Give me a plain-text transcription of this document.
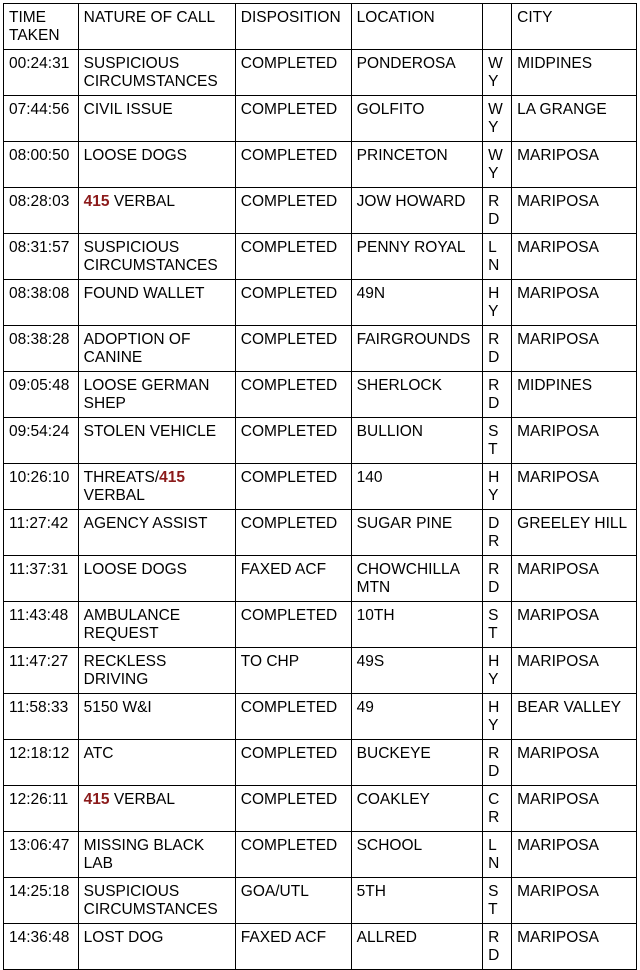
TIME TAKEN	NATURE OF CALL	DISPOSITION	LOCATION		CITY
00:24:31	SUSPICIOUS CIRCUMSTANCES	COMPLETED	PONDEROSA	WY	MIDPINES
07:44:56	CIVIL ISSUE	COMPLETED	GOLFITO	WY	LA GRANGE
08:00:50	LOOSE DOGS	COMPLETED	PRINCETON	WY	MARIPOSA
08:28:03	415 VERBAL	COMPLETED	JOW HOWARD	RD	MARIPOSA
08:31:57	SUSPICIOUS CIRCUMSTANCES	COMPLETED	PENNY ROYAL	LN	MARIPOSA
08:38:08	FOUND WALLET	COMPLETED	49N	HY	MARIPOSA
08:38:28	ADOPTION OF CANINE	COMPLETED	FAIRGROUNDS	RD	MARIPOSA
09:05:48	LOOSE GERMAN SHEP	COMPLETED	SHERLOCK	RD	MIDPINES
09:54:24	STOLEN VEHICLE	COMPLETED	BULLION	ST	MARIPOSA
10:26:10	THREATS/415 VERBAL	COMPLETED	140	HY	MARIPOSA
11:27:42	AGENCY ASSIST	COMPLETED	SUGAR PINE	DR	GREELEY HILL
11:37:31	LOOSE DOGS	FAXED ACF	CHOWCHILLA MTN	RD	MARIPOSA
11:43:48	AMBULANCE REQUEST	COMPLETED	10TH	ST	MARIPOSA
11:47:27	RECKLESS DRIVING	TO CHP	49S	HY	MARIPOSA
11:58:33	5150 W&I	COMPLETED	49	HY	BEAR VALLEY
12:18:12	ATC	COMPLETED	BUCKEYE	RD	MARIPOSA
12:26:11	415 VERBAL	COMPLETED	COAKLEY	CR	MARIPOSA
13:06:47	MISSING BLACK LAB	COMPLETED	SCHOOL	LN	MARIPOSA
14:25:18	SUSPICIOUS CIRCUMSTANCES	GOA/UTL	5TH	ST	MARIPOSA
14:36:48	LOST DOG	FAXED ACF	ALLRED	RD	MARIPOSA
